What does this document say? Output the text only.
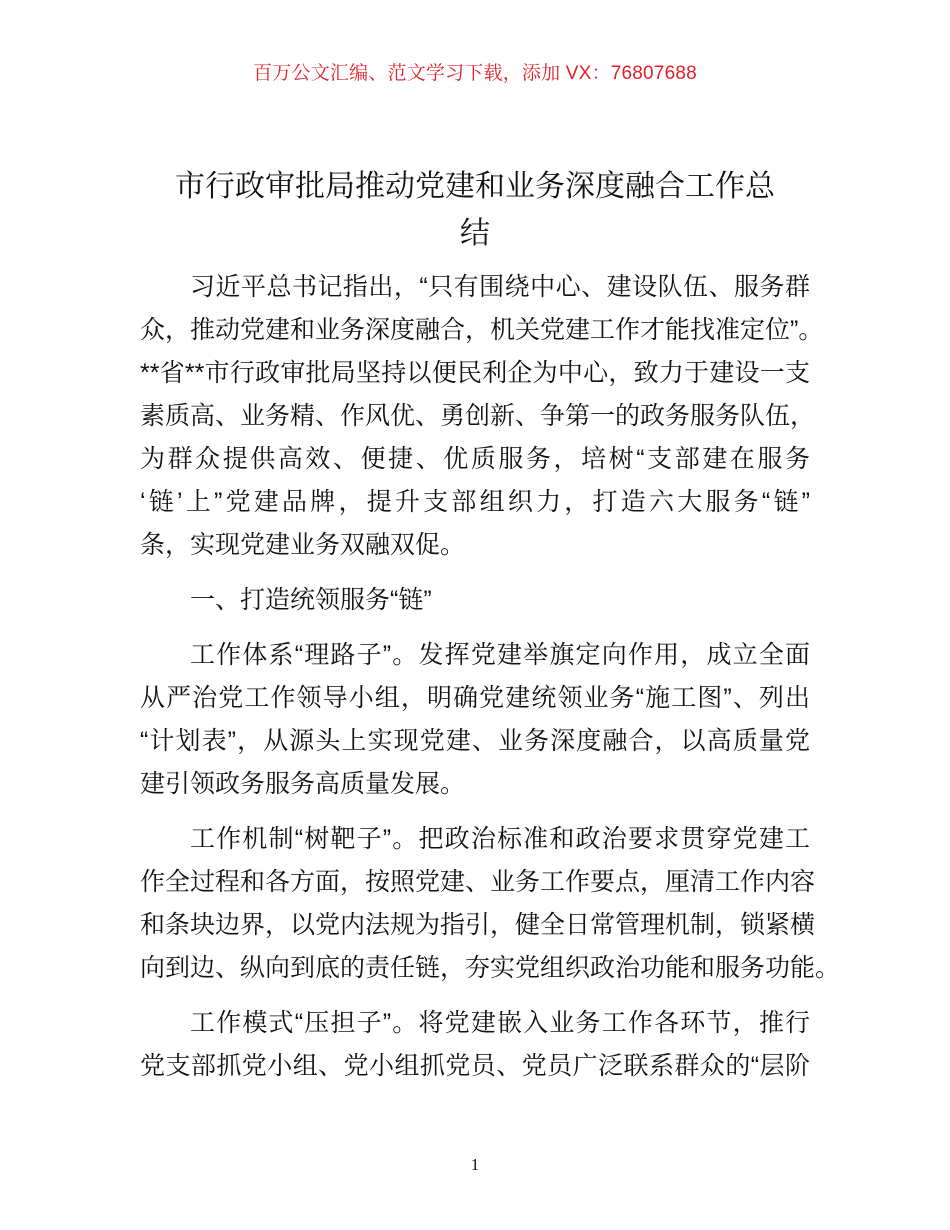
百万公文汇编、范文学习下载，添加 VX：76807688
市行政审批局推动党建和业务深度融合工作总
结
习近平总书记指出，“只有围绕中心、建设队伍、服务群
众，推动党建和业务深度融合，机关党建工作才能找准定位”。
**省**市行政审批局坚持以便民利企为中心，致力于建设一支
素质高、业务精、作风优、勇创新、争第一的政务服务队伍，
为群众提供高效、便捷、优质服务，培树“支部建在服务
‘链’上”党建品牌，提升支部组织力，打造六大服务“链”
条，实现党建业务双融双促。
一、打造统领服务“链”
工作体系“理路子”。发挥党建举旗定向作用，成立全面
从严治党工作领导小组，明确党建统领业务“施工图”、列出
“计划表”，从源头上实现党建、业务深度融合，以高质量党
建引领政务服务高质量发展。
工作机制“树靶子”。把政治标准和政治要求贯穿党建工
作全过程和各方面，按照党建、业务工作要点，厘清工作内容
和条块边界，以党内法规为指引，健全日常管理机制，锁紧横
向到边、纵向到底的责任链，夯实党组织政治功能和服务功能。
工作模式“压担子”。将党建嵌入业务工作各环节，推行
党支部抓党小组、党小组抓党员、党员广泛联系群众的“层阶
1
